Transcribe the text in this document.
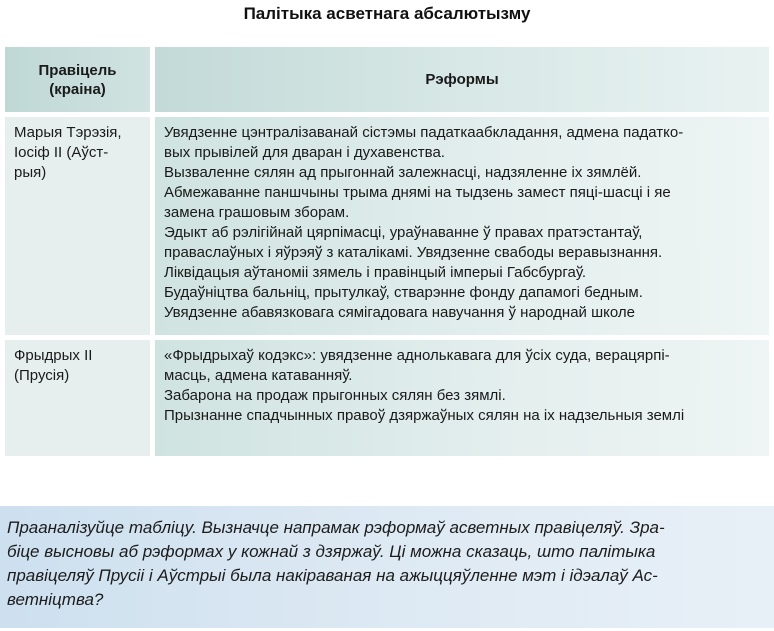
Палітыка асветнага абсалютызму
Правіцель
(краіна)
Рэформы
Марыя Тэрэзія,
Іосіф ІІ (Аўст-
рыя)
Увядзенне цэнтралізаванай сістэмы падаткаабкладання, адмена падатко-
вых прывілей для дваран і духавенства.
Вызваленне сялян ад прыгоннай залежнасці, надзяленне іх зямлёй.
Абмежаванне паншчыны трыма днямі на тыдзень замест пяці-шасці і яе
замена грашовым зборам.
Эдыкт аб рэлігійнай цярпімасці, ураўнаванне ў правах пратэстантаў,
праваслаўных і яўрэяў з каталікамі. Увядзенне свабоды веравызнання.
Ліквідацыя аўтаноміі зямель і правінцый імперыі Габсбургаў.
Будаўніцтва бальніц, прытулкаў, стварэнне фонду дапамогі бедным.
Увядзенне абавязковага сямігадовага навучання ў народнай школе
Фрыдрых ІІ
(Прусія)
«Фрыдрыхаў кодэкс»: увядзенне аднолькавага для ўсіх суда, верацярпі-
масць, адмена катаванняў.
Забарона на продаж прыгонных сялян без зямлі.
Прызнанне спадчынных правоў дзяржаўных сялян на іх надзельныя землі
Прааналізуйце табліцу. Вызначце напрамак рэформаў асветных правіцеляў. Зра-
біце высновы аб рэформах у кожнай з дзяржаў. Ці можна сказаць, што палітыка
правіцеляў Прусіі і Аўстрыі была накіраваная на ажыццяўленне мэт і ідэалаў Ас-
ветніцтва?
